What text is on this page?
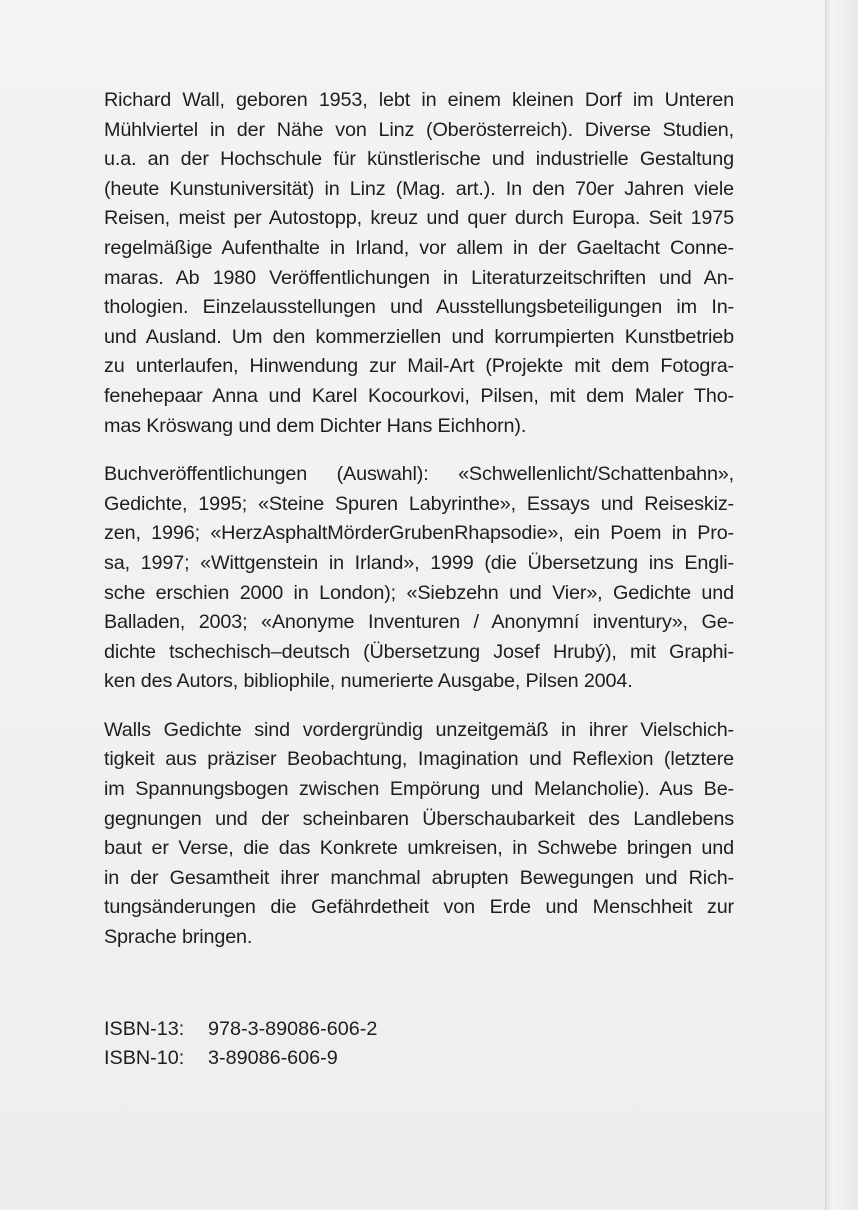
Richard Wall, geboren 1953, lebt in einem kleinen Dorf im Unteren
Mühlviertel in der Nähe von Linz (Oberösterreich). Diverse Studien,
u.a. an der Hochschule für künstlerische und industrielle Gestaltung
(heute Kunstuniversität) in Linz (Mag. art.). In den 70er Jahren viele
Reisen, meist per Autostopp, kreuz und quer durch Europa. Seit 1975
regelmäßige Aufenthalte in Irland, vor allem in der Gaeltacht Conne-
maras. Ab 1980 Veröffentlichungen in Literaturzeitschriften und An-
thologien. Einzelausstellungen und Ausstellungsbeteiligungen im In-
und Ausland. Um den kommerziellen und korrumpierten Kunstbetrieb
zu unterlaufen, Hinwendung zur Mail-Art (Projekte mit dem Fotogra-
fenehepaar Anna und Karel Kocourkovi, Pilsen, mit dem Maler Tho-
mas Kröswang und dem Dichter Hans Eichhorn).
Buchveröffentlichungen (Auswahl): «Schwellenlicht/Schattenbahn»,
Gedichte, 1995; «Steine Spuren Labyrinthe», Essays und Reiseskiz-
zen, 1996; «HerzAsphaltMörderGrubenRhapsodie», ein Poem in Pro-
sa, 1997; «Wittgenstein in Irland», 1999 (die Übersetzung ins Engli-
sche erschien 2000 in London); «Siebzehn und Vier», Gedichte und
Balladen, 2003; «Anonyme Inventuren / Anonymní inventury», Ge-
dichte tschechisch–deutsch (Übersetzung Josef Hrubý), mit Graphi-
ken des Autors, bibliophile, numerierte Ausgabe, Pilsen 2004.
Walls Gedichte sind vordergründig unzeitgemäß in ihrer Vielschich-
tigkeit aus präziser Beobachtung, Imagination und Reflexion (letztere
im Spannungsbogen zwischen Empörung und Melancholie). Aus Be-
gegnungen und der scheinbaren Überschaubarkeit des Landlebens
baut er Verse, die das Konkrete umkreisen, in Schwebe bringen und
in der Gesamtheit ihrer manchmal abrupten Bewegungen und Rich-
tungsänderungen die Gefährdetheit von Erde und Menschheit zur
Sprache bringen.
ISBN-13: 978-3-89086-606-2
ISBN-10: 3-89086-606-9
